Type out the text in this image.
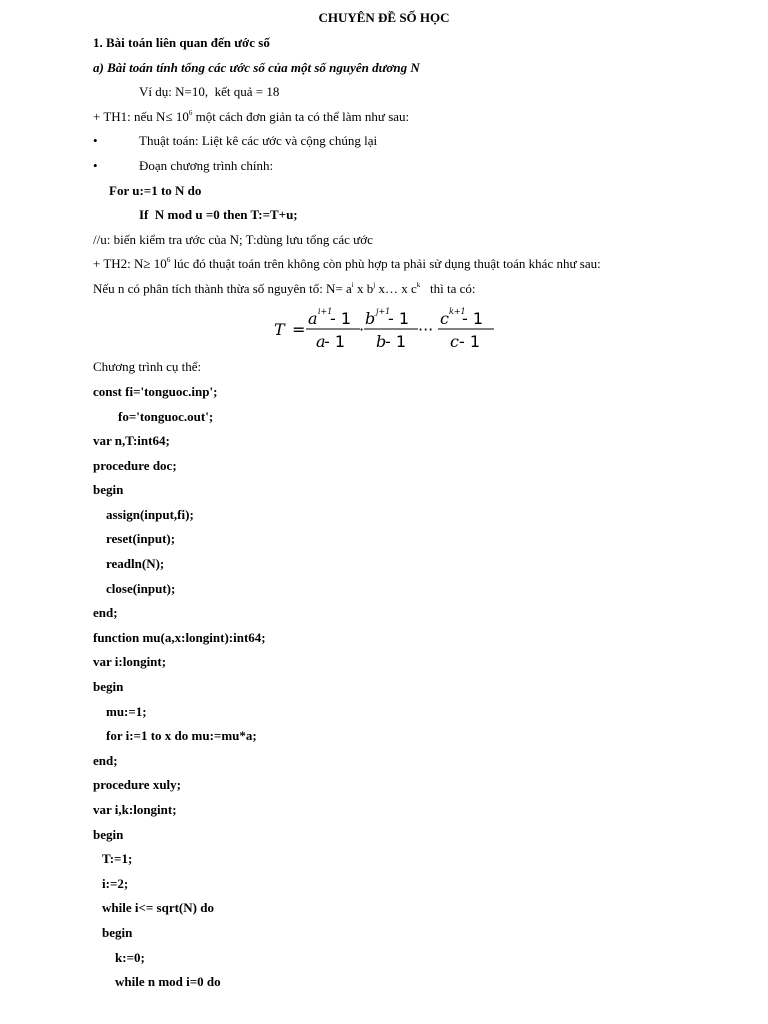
CHUYÊN ĐỀ SỐ HỌC
1. Bài toán liên quan đến ước số
a) Bài toán tính tổng các ước số của một số nguyên dương N
Ví dụ: N=10,  kết quả = 18
+ TH1: nếu $N\le 10^6$ một cách đơn giản ta có thể làm như sau:
•	Thuật toán: Liệt kê các ước và cộng chúng lại
•	Đoạn chương trình chính:
For u:=1 to N do
If  N mod u =0 then T:=T+u;
//u: biến kiểm tra ước của N; T:dùng lưu tổng các ước
+ TH2: $N\ge 10^6$ lúc đó thuật toán trên không còn phù hợp ta phải sử dụng thuật toán khác như sau:
Nếu n có phân tích thành thừa số nguyên tố: $N= a^i$ x $b^j$ x… x $c^k$   thì ta có:
T =
a i+1
- 1
a
- 1
·
b j+1
- 1
b
- 1
···
c k+1
- 1
c - 1
Chương trình cụ thể:
const fi='tonguoc.inp';
fo='tonguoc.out';
var n,T:int64;
procedure doc;
begin
assign(input,fi);
reset(input);
readln(N);
close(input);
end;
function mu(a,x:longint):int64;
var i:longint;
begin
mu:=1;
for i:=1 to x do mu:=mu*a;
end;
procedure xuly;
var i,k:longint;
begin
T:=1;
i:=2;
while i<= sqrt(N) do
begin
k:=0;
while n mod i=0 do
